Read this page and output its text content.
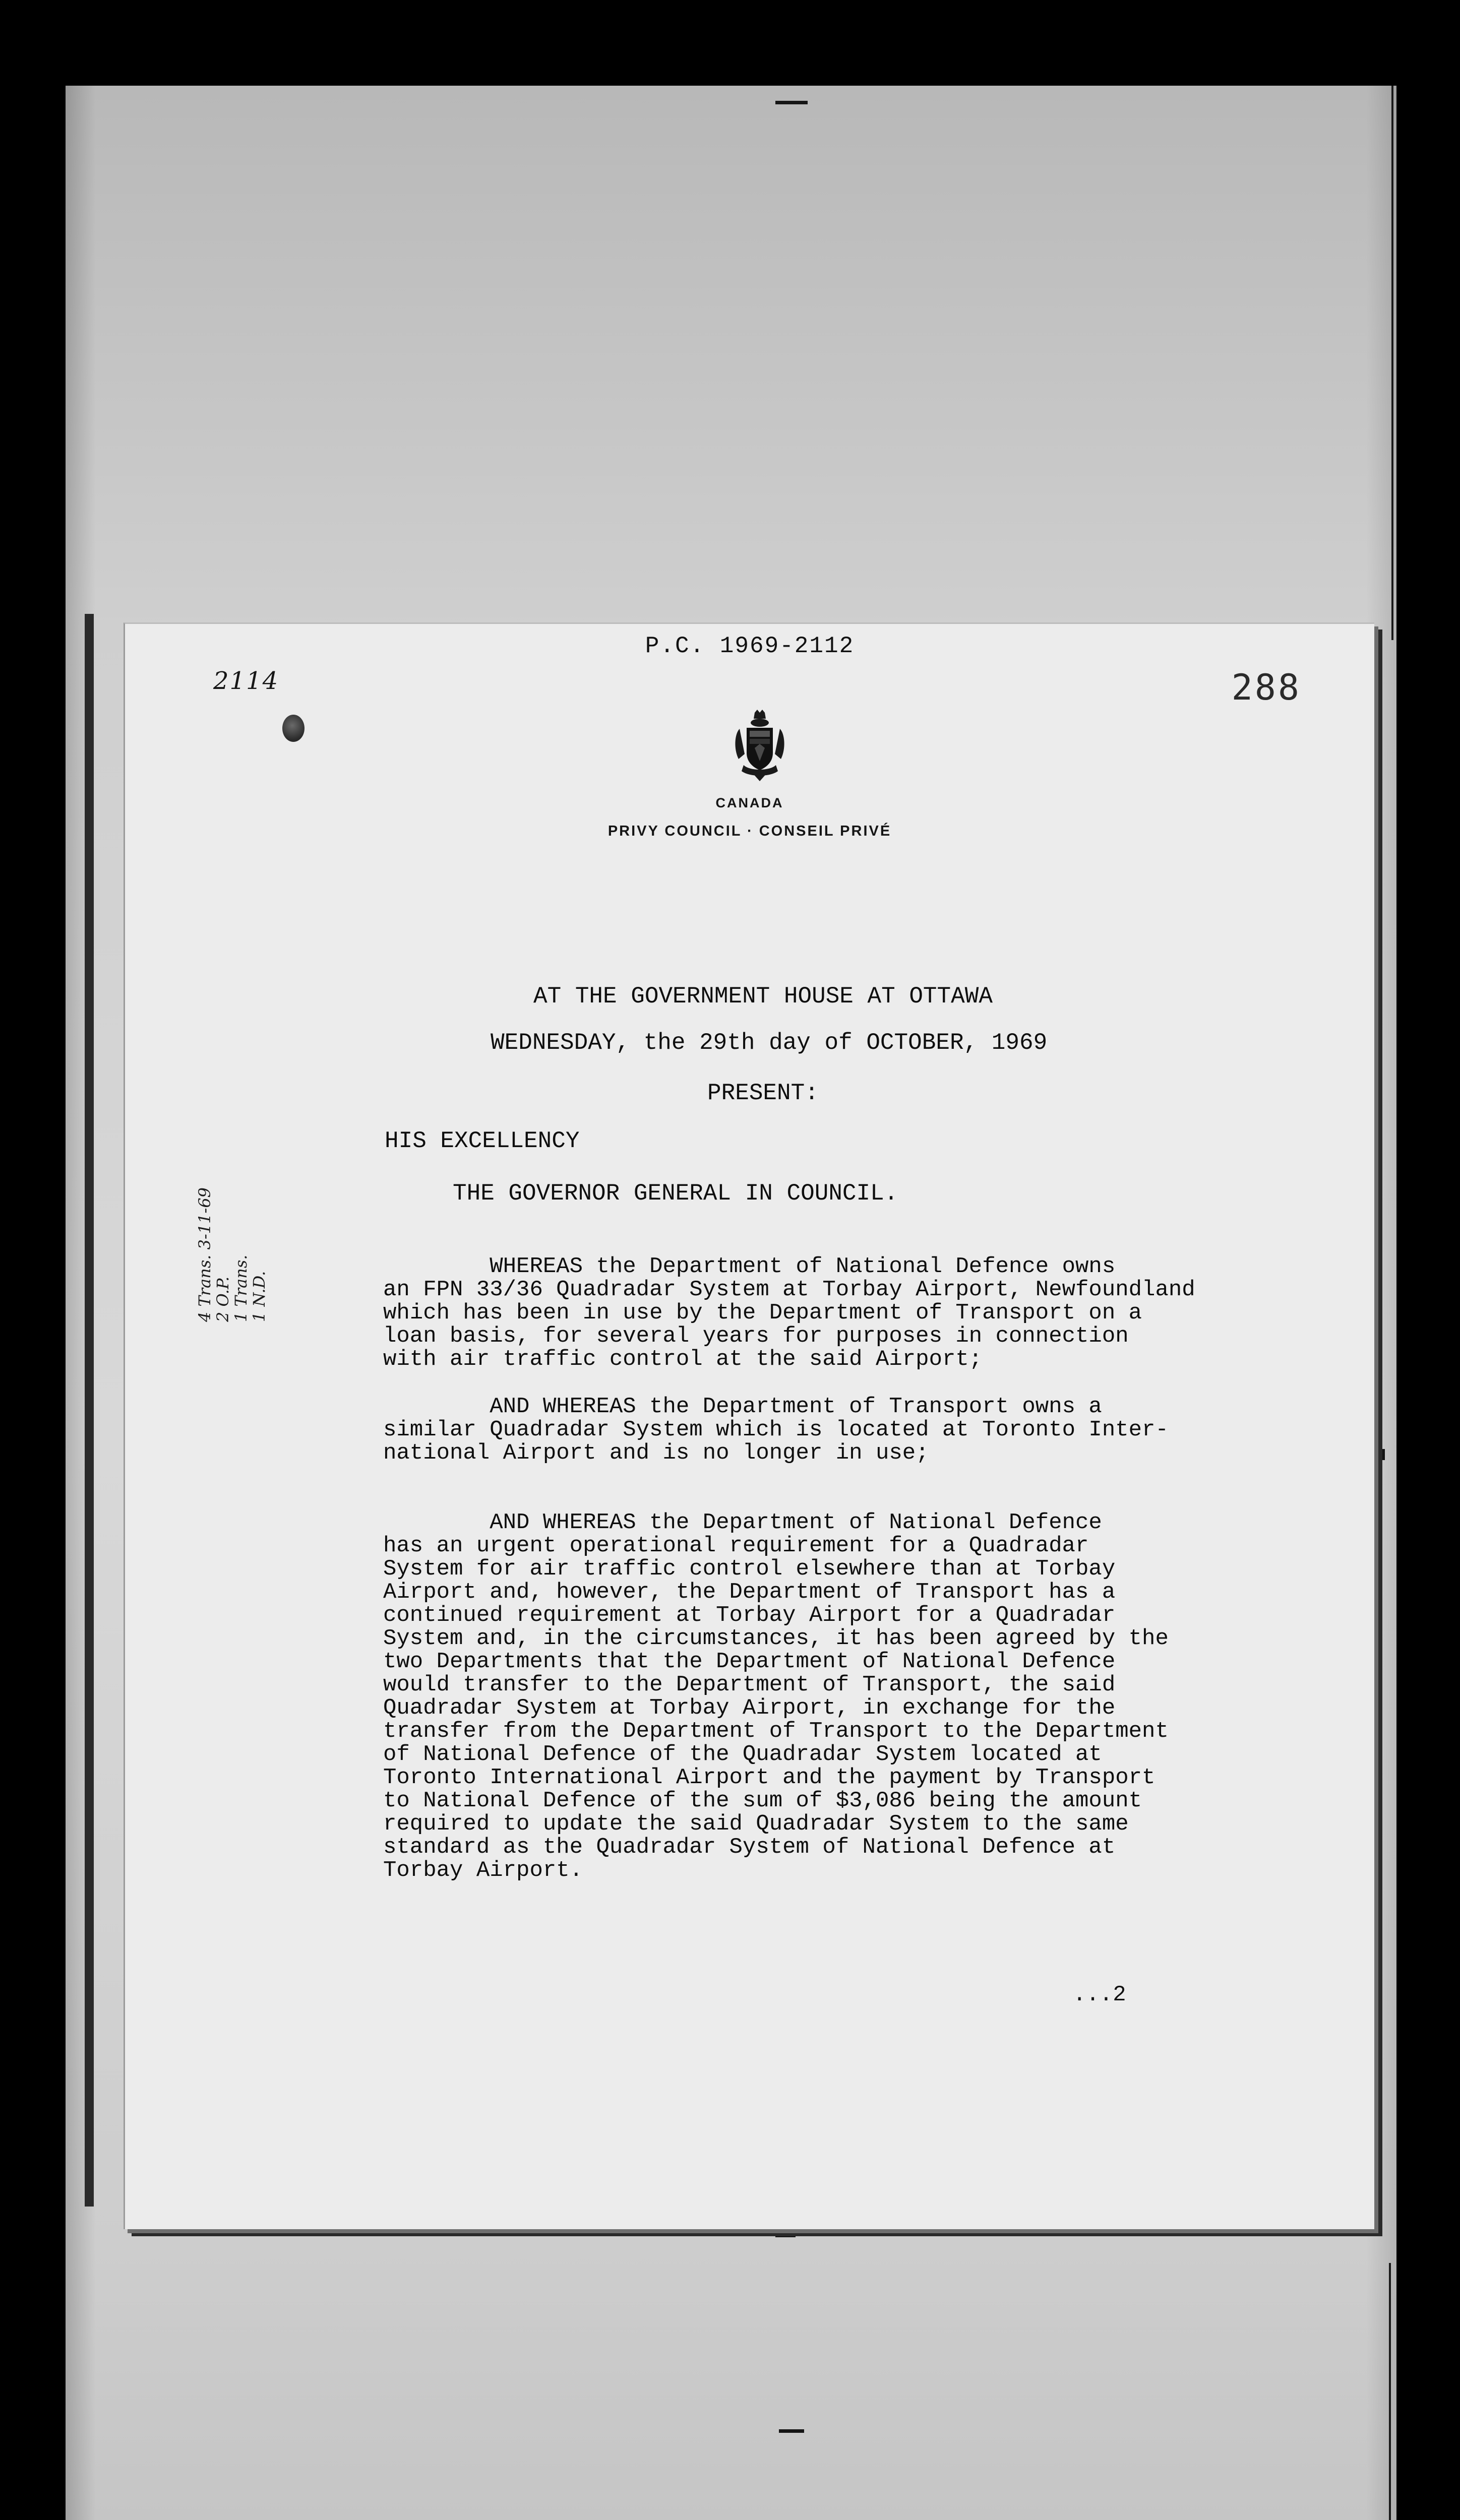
2114
P.C. 1969-2112
288
CANADA
PRIVY COUNCIL · CONSEIL PRIVÉ
AT THE GOVERNMENT HOUSE AT OTTAWA
WEDNESDAY, the 29th day of OCTOBER, 1969
PRESENT:
HIS EXCELLENCY
THE GOVERNOR GENERAL IN COUNCIL.
4 Trans. 3-11-69
2 O.P.
1 Trans.
1 N.D.
WHEREAS the Department of National Defence owns
an FPN 33/36 Quadradar System at Torbay Airport, Newfoundland
which has been in use by the Department of Transport on a
loan basis, for several years for purposes in connection
with air traffic control at the said Airport;
AND WHEREAS the Department of Transport owns a
similar Quadradar System which is located at Toronto Inter-
national Airport and is no longer in use;
AND WHEREAS the Department of National Defence
has an urgent operational requirement for a Quadradar
System for air traffic control elsewhere than at Torbay
Airport and, however, the Department of Transport has a
continued requirement at Torbay Airport for a Quadradar
System and, in the circumstances, it has been agreed by the
two Departments that the Department of National Defence
would transfer to the Department of Transport, the said
Quadradar System at Torbay Airport, in exchange for the
transfer from the Department of Transport to the Department
of National Defence of the Quadradar System located at
Toronto International Airport and the payment by Transport
to National Defence of the sum of $3,086 being the amount
required to update the said Quadradar System to the same
standard as the Quadradar System of National Defence at
Torbay Airport.
...2
